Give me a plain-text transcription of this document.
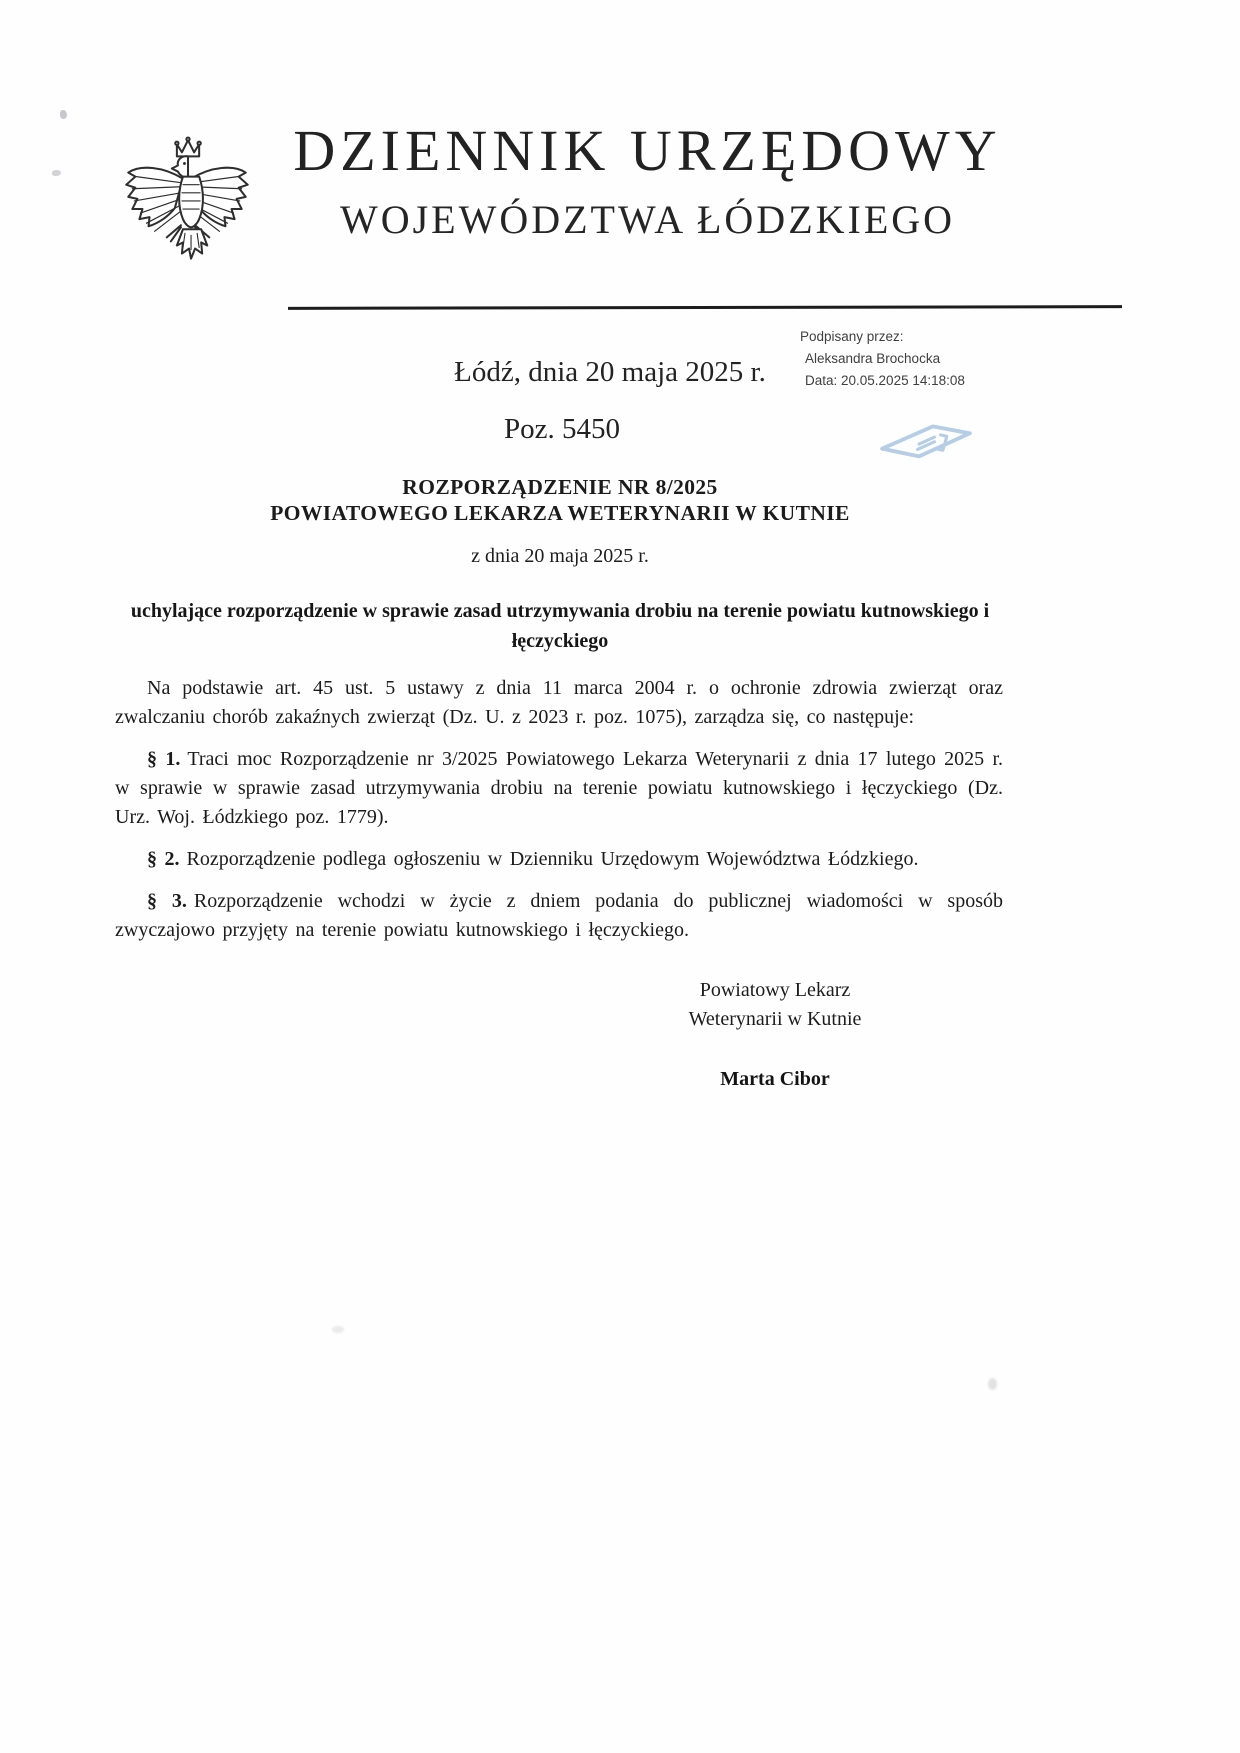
DZIENNIK URZĘDOWY
WOJEWÓDZTWA ŁÓDZKIEGO
Łódź, dnia 20 maja 2025 r.
Poz. 5450
Podpisany przez:
Aleksandra Brochocka
Data: 20.05.2025 14:18:08
ROZPORZĄDZENIE NR 8/2025
POWIATOWEGO LEKARZA WETERYNARII W KUTNIE
z dnia 20 maja 2025 r.
uchylające rozporządzenie w sprawie zasad utrzymywania drobiu na terenie powiatu kutnowskiego i łęczyckiego

Na podstawie art. 45 ust. 5 ustawy z dnia 11 marca 2004 r. o ochronie zdrowia zwierząt oraz zwalczaniu chorób zakaźnych zwierząt (Dz. U. z 2023 r. poz. 1075), zarządza się, co następuje:

§ 1. Traci moc Rozporządzenie nr 3/2025 Powiatowego Lekarza Weterynarii z dnia 17 lutego 2025 r. w sprawie w sprawie zasad utrzymywania drobiu na terenie powiatu kutnowskiego i łęczyckiego (Dz. Urz. Woj. Łódzkiego poz. 1779).

§ 2. Rozporządzenie podlega ogłoszeniu w Dzienniku Urzędowym Województwa Łódzkiego.

§ 3. Rozporządzenie wchodzi w życie z dniem podania do publicznej wiadomości w sposób zwyczajowo przyjęty na terenie powiatu kutnowskiego i łęczyckiego.

Powiatowy Lekarz
Weterynarii w Kutnie
Marta Cibor
